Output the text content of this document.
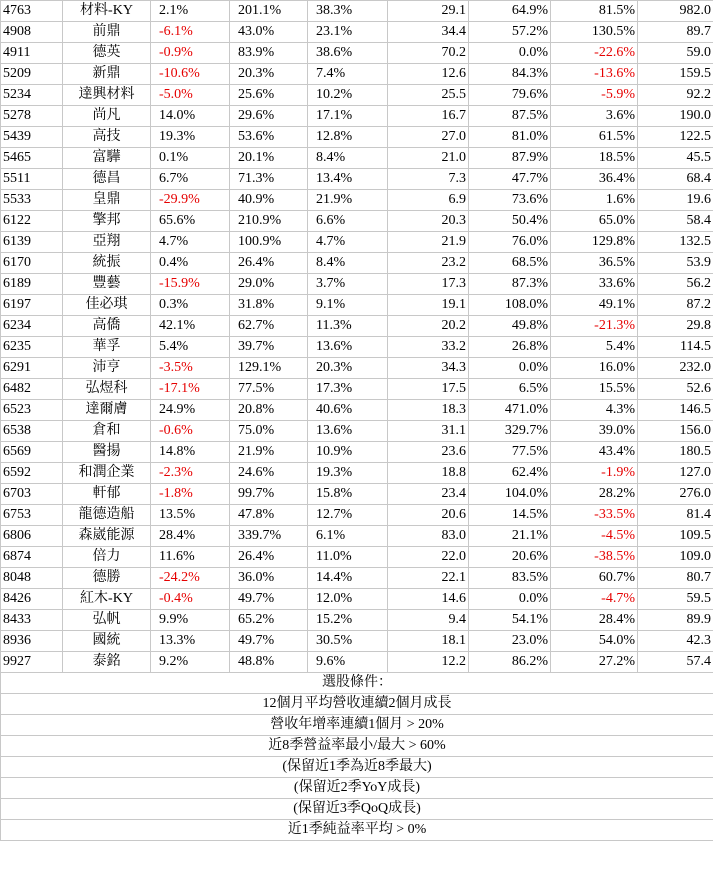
4763	材料-KY	2.1%	201.1%	38.3%	29.1	64.9%	81.5%	982.0
4908	前鼎	-6.1%	43.0%	23.1%	34.4	57.2%	130.5%	89.7
4911	德英	-0.9%	83.9%	38.6%	70.2	0.0%	-22.6%	59.0
5209	新鼎	-10.6%	20.3%	7.4%	12.6	84.3%	-13.6%	159.5
5234	達興材料	-5.0%	25.6%	10.2%	25.5	79.6%	-5.9%	92.2
5278	尚凡	14.0%	29.6%	17.1%	16.7	87.5%	3.6%	190.0
5439	高技	19.3%	53.6%	12.8%	27.0	81.0%	61.5%	122.5
5465	富驊	0.1%	20.1%	8.4%	21.0	87.9%	18.5%	45.5
5511	德昌	6.7%	71.3%	13.4%	7.3	47.7%	36.4%	68.4
5533	皇鼎	-29.9%	40.9%	21.9%	6.9	73.6%	1.6%	19.6
6122	擎邦	65.6%	210.9%	6.6%	20.3	50.4%	65.0%	58.4
6139	亞翔	4.7%	100.9%	4.7%	21.9	76.0%	129.8%	132.5
6170	統振	0.4%	26.4%	8.4%	23.2	68.5%	36.5%	53.9
6189	豐藝	-15.9%	29.0%	3.7%	17.3	87.3%	33.6%	56.2
6197	佳必琪	0.3%	31.8%	9.1%	19.1	108.0%	49.1%	87.2
6234	高僑	42.1%	62.7%	11.3%	20.2	49.8%	-21.3%	29.8
6235	華孚	5.4%	39.7%	13.6%	33.2	26.8%	5.4%	114.5
6291	沛亨	-3.5%	129.1%	20.3%	34.3	0.0%	16.0%	232.0
6482	弘煜科	-17.1%	77.5%	17.3%	17.5	6.5%	15.5%	52.6
6523	達爾膚	24.9%	20.8%	40.6%	18.3	471.0%	4.3%	146.5
6538	倉和	-0.6%	75.0%	13.6%	31.1	329.7%	39.0%	156.0
6569	醫揚	14.8%	21.9%	10.9%	23.6	77.5%	43.4%	180.5
6592	和潤企業	-2.3%	24.6%	19.3%	18.8	62.4%	-1.9%	127.0
6703	軒郁	-1.8%	99.7%	15.8%	23.4	104.0%	28.2%	276.0
6753	龍德造船	13.5%	47.8%	12.7%	20.6	14.5%	-33.5%	81.4
6806	森崴能源	28.4%	339.7%	6.1%	83.0	21.1%	-4.5%	109.5
6874	倍力	11.6%	26.4%	11.0%	22.0	20.6%	-38.5%	109.0
8048	德勝	-24.2%	36.0%	14.4%	22.1	83.5%	60.7%	80.7
8426	紅木-KY	-0.4%	49.7%	12.0%	14.6	0.0%	-4.7%	59.5
8433	弘帆	9.9%	65.2%	15.2%	9.4	54.1%	28.4%	89.9
8936	國統	13.3%	49.7%	30.5%	18.1	23.0%	54.0%	42.3
9927	泰銘	9.2%	48.8%	9.6%	12.2	86.2%	27.2%	57.4
選股條件：								
12個月平均營收連續2個月成長								
營收年增率連續1個月 > 20%								
近8季營益率最小/最大 > 60%								
(保留近1季為近8季最大)								
(保留近2季YoY成長)								
(保留近3季QoQ成長)								
近1季純益率平均 > 0%								
